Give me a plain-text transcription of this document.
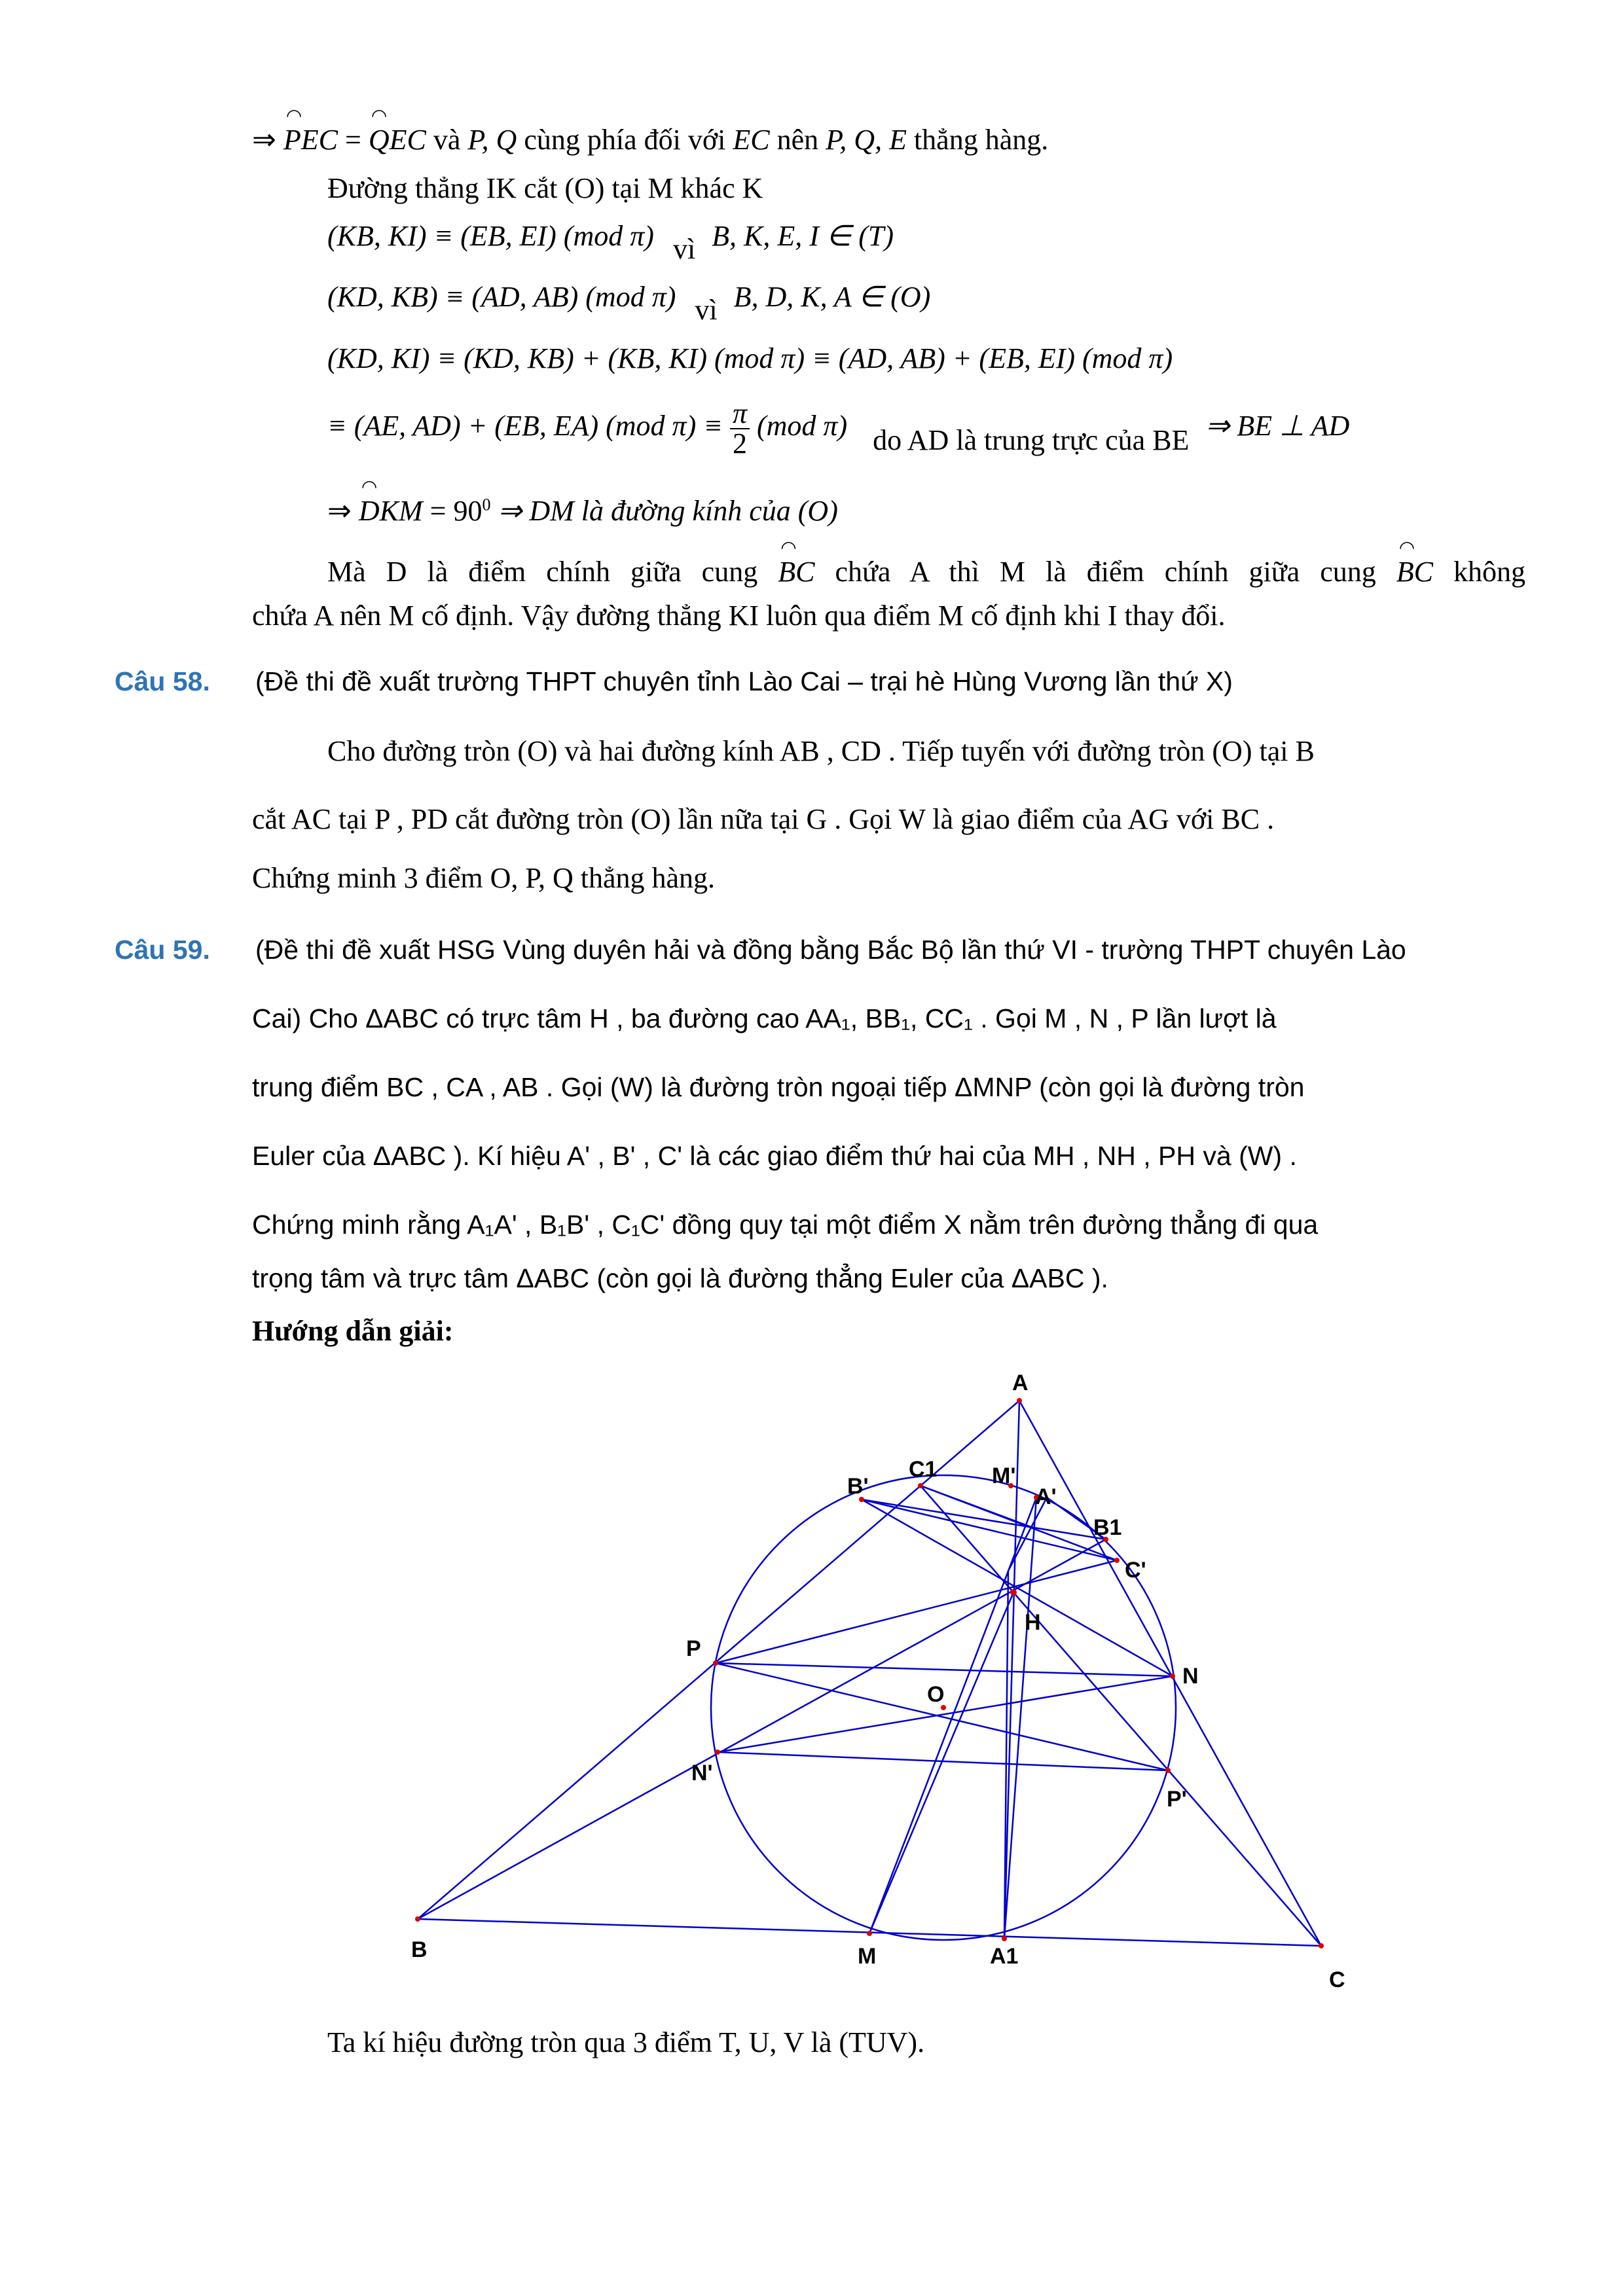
⇒ ◠ PEC = ◠ QEC và P, Q cùng phía đối với EC nên P, Q, E thẳng hàng.
Đường thẳng IK cắt (O) tại M khác K
(KB, KI) ≡ (EB, EI) (mod π) vì B, K, E, I ∈ (T)
(KD, KB) ≡ (AD, AB) (mod π) vì B, D, K, A ∈ (O)
(KD, KI) ≡ (KD, KB) + (KB, KI) (mod π) ≡ (AD, AB) + (EB, EI) (mod π)
≡ (AE, AD) + (EB, EA) (mod $\pi) \equiv \frac{\pi}{2} (mod$ π) do AD là trung trực của BE ⇒ BE ⊥ AD
⇒ ◠ DKM = $90^0$ ⇒ DM là đường kính của (O)
Mà D là điểm chính giữa cung ◠ BC chứa A thì M là điểm chính giữa cung ◠ BC không
chứa A nên M cố định. Vậy đường thẳng KI luôn qua điểm M cố định khi I thay đổi.
Câu 58. (Đề thi đề xuất trường THPT chuyên tỉnh Lào Cai – trại hè Hùng Vương lần thứ X)
Cho đường tròn (O) và hai đường kính AB , CD . Tiếp tuyến với đường tròn (O) tại B
cắt AC tại P , PD cắt đường tròn (O) lần nữa tại G . Gọi W là giao điểm của AG với BC .
Chứng minh 3 điểm O, P, Q thẳng hàng.
Câu 59. (Đề thi đề xuất HSG Vùng duyên hải và đồng bằng Bắc Bộ lần thứ VI - trường THPT chuyên Lào
Cai) Cho ΔABC có trực tâm H , ba đường cao AA₁, BB₁, CC₁ . Gọi M , N , P lần lượt là
trung điểm BC , CA , AB . Gọi (W) là đường tròn ngoại tiếp ΔMNP (còn gọi là đường tròn
Euler của ΔABC ). Kí hiệu A' , B' , C' là các giao điểm thứ hai của MH , NH , PH và (W) .
Chứng minh rằng A₁A' , B₁B' , C₁C' đồng quy tại một điểm X nằm trên đường thẳng đi qua
trọng tâm và trực tâm ΔABC (còn gọi là đường thẳng Euler của ΔABC ).
Hướng dẫn giải:
A
B
C
H
O
M
N
P
A1
B1
C1
A'
B'
C'
M'
N'
P'
Ta kí hiệu đường tròn qua 3 điểm T, U, V là (TUV).
